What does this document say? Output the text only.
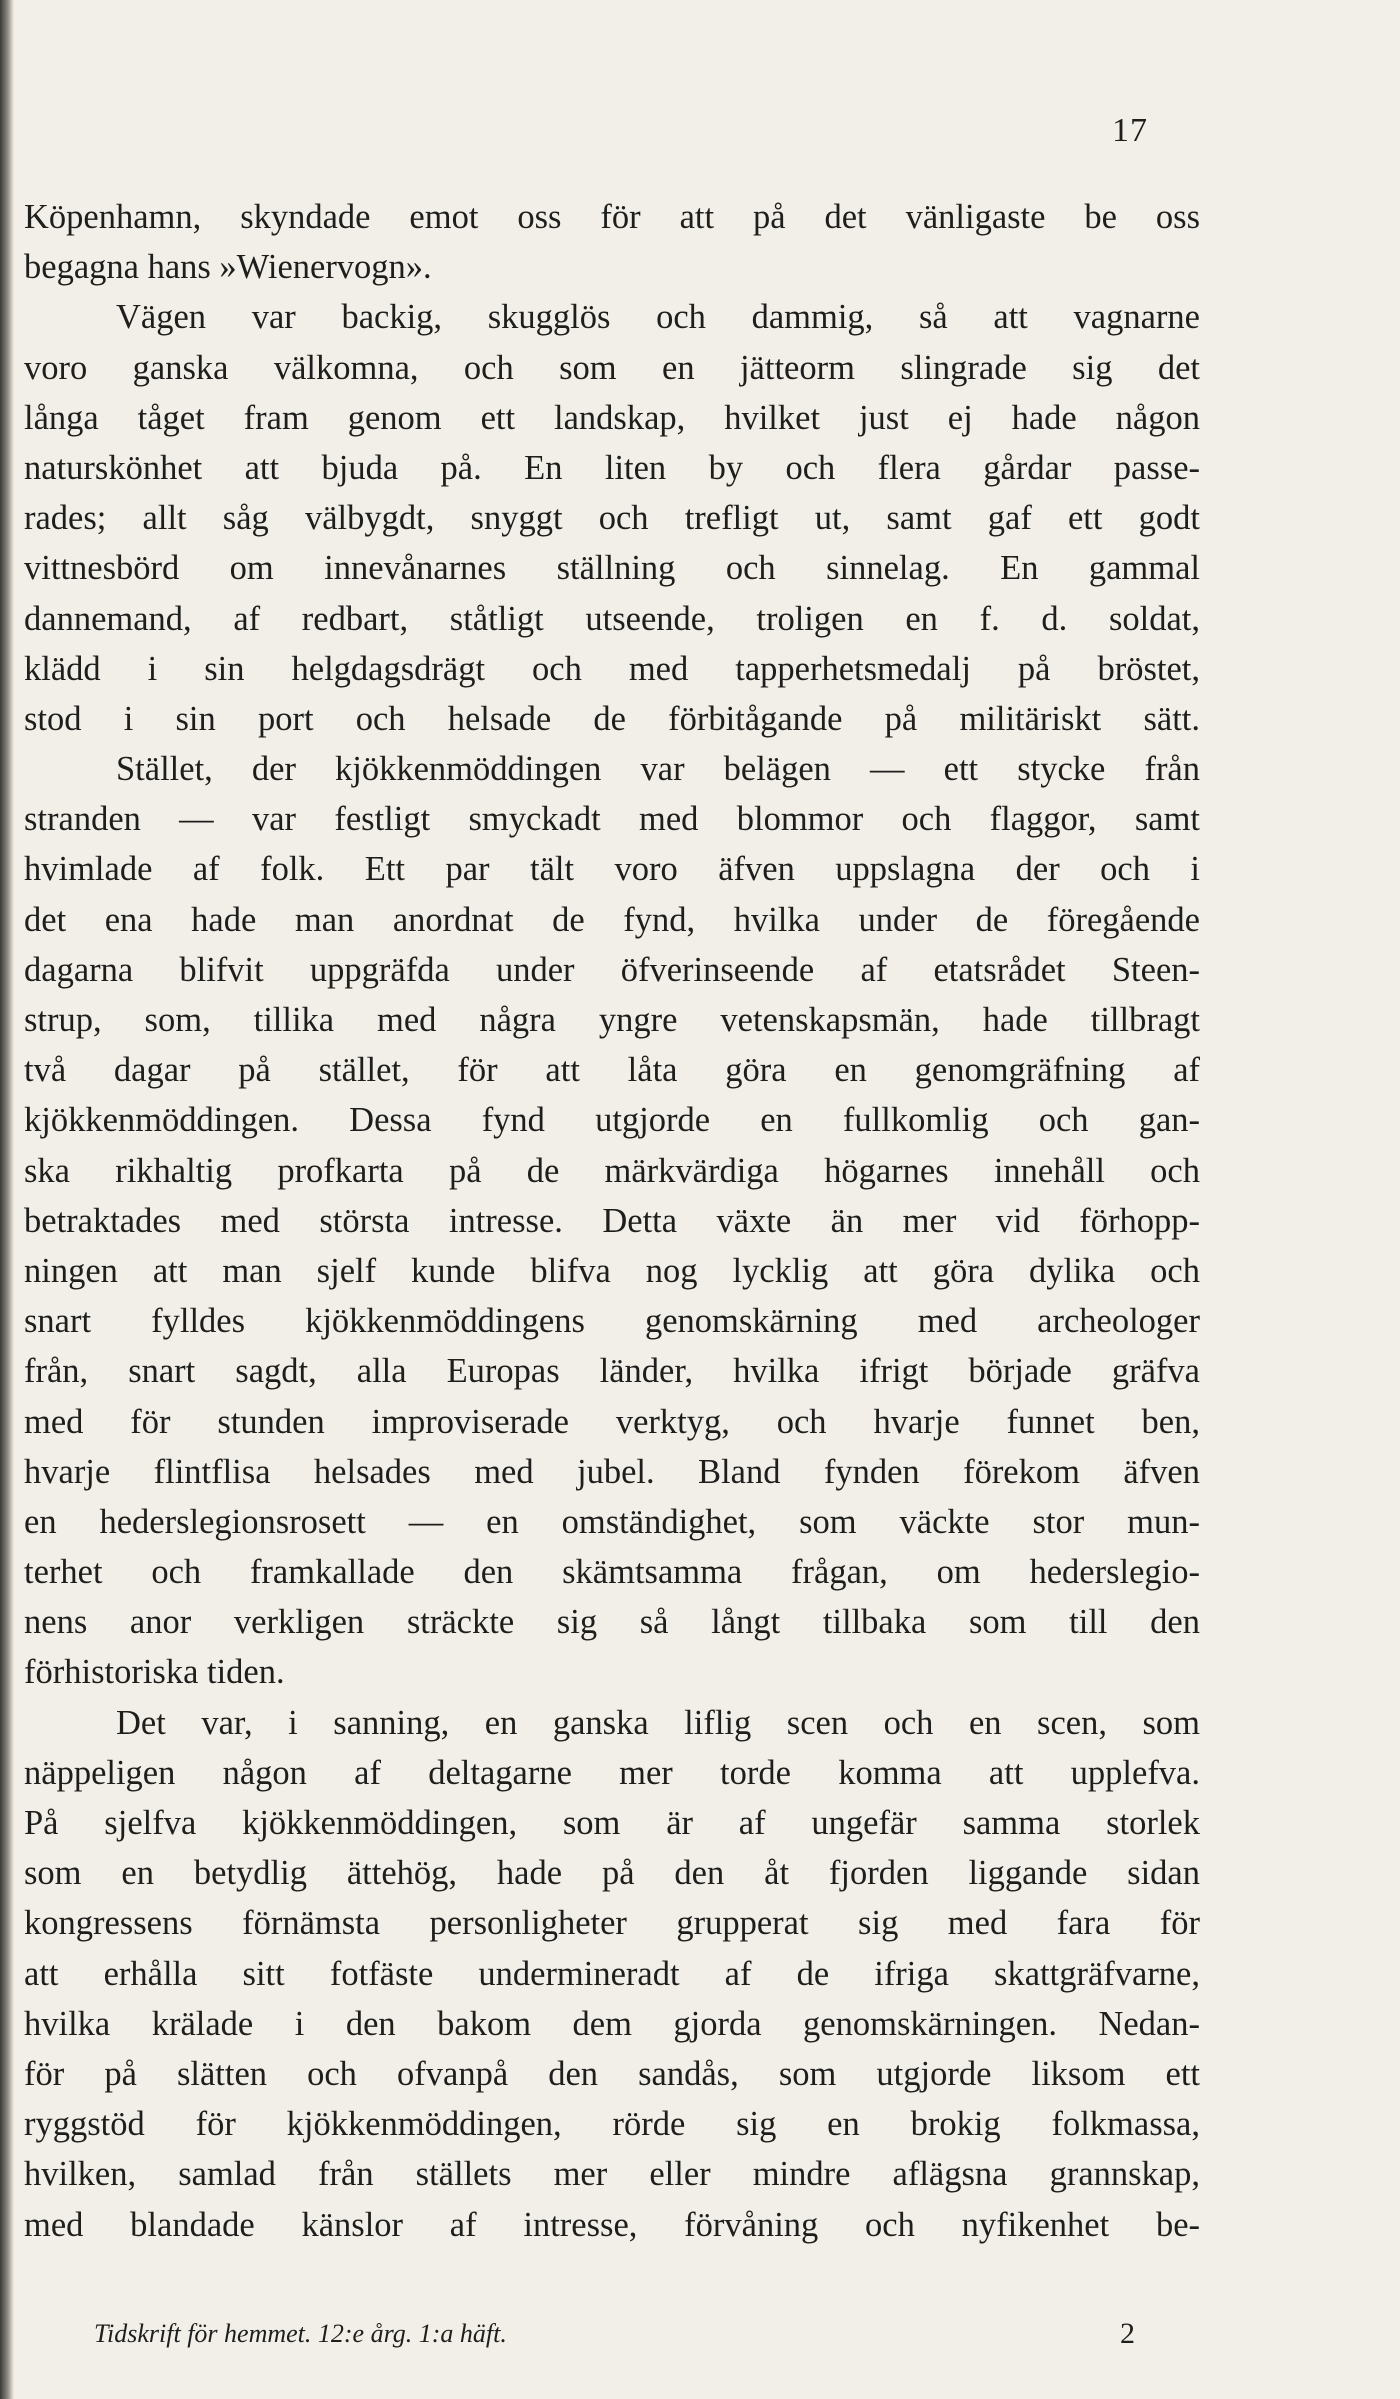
17
Köpenhamn, skyndade emot oss för att på det vänligaste be oss
begagna hans »Wienervogn».
Vägen var backig, skugglös och dammig, så att vagnarne
voro ganska välkomna, och som en jätteorm slingrade sig det
långa tåget fram genom ett landskap, hvilket just ej hade någon
naturskönhet att bjuda på. En liten by och flera gårdar passe-
rades; allt såg välbygdt, snyggt och trefligt ut, samt gaf ett godt
vittnesbörd om innevånarnes ställning och sinnelag. En gammal
dannemand, af redbart, ståtligt utseende, troligen en f. d. soldat,
klädd i sin helgdagsdrägt och med tapperhetsmedalj på bröstet,
stod i sin port och helsade de förbitågande på militäriskt sätt.
Stället, der kjökkenmöddingen var belägen — ett stycke från
stranden — var festligt smyckadt med blommor och flaggor, samt
hvimlade af folk. Ett par tält voro äfven uppslagna der och i
det ena hade man anordnat de fynd, hvilka under de föregående
dagarna blifvit uppgräfda under öfverinseende af etatsrådet Steen-
strup, som, tillika med några yngre vetenskapsmän, hade tillbragt
två dagar på stället, för att låta göra en genomgräfning af
kjökkenmöddingen. Dessa fynd utgjorde en fullkomlig och gan-
ska rikhaltig profkarta på de märkvärdiga högarnes innehåll och
betraktades med största intresse. Detta växte än mer vid förhopp-
ningen att man sjelf kunde blifva nog lycklig att göra dylika och
snart fylldes kjökkenmöddingens genomskärning med archeologer
från, snart sagdt, alla Europas länder, hvilka ifrigt började gräfva
med för stunden improviserade verktyg, och hvarje funnet ben,
hvarje flintflisa helsades med jubel. Bland fynden förekom äfven
en hederslegionsrosett — en omständighet, som väckte stor mun-
terhet och framkallade den skämtsamma frågan, om hederslegio-
nens anor verkligen sträckte sig så långt tillbaka som till den
förhistoriska tiden.
Det var, i sanning, en ganska liflig scen och en scen, som
näppeligen någon af deltagarne mer torde komma att upplefva.
På sjelfva kjökkenmöddingen, som är af ungefär samma storlek
som en betydlig ättehög, hade på den åt fjorden liggande sidan
kongressens förnämsta personligheter grupperat sig med fara för
att erhålla sitt fotfäste undermineradt af de ifriga skattgräfvarne,
hvilka krälade i den bakom dem gjorda genomskärningen. Nedan-
för på slätten och ofvanpå den sandås, som utgjorde liksom ett
ryggstöd för kjökkenmöddingen, rörde sig en brokig folkmassa,
hvilken, samlad från ställets mer eller mindre aflägsna grannskap,
med blandade känslor af intresse, förvåning och nyfikenhet be-
Tidskrift för hemmet. 12:e årg. 1:a häft.	2
